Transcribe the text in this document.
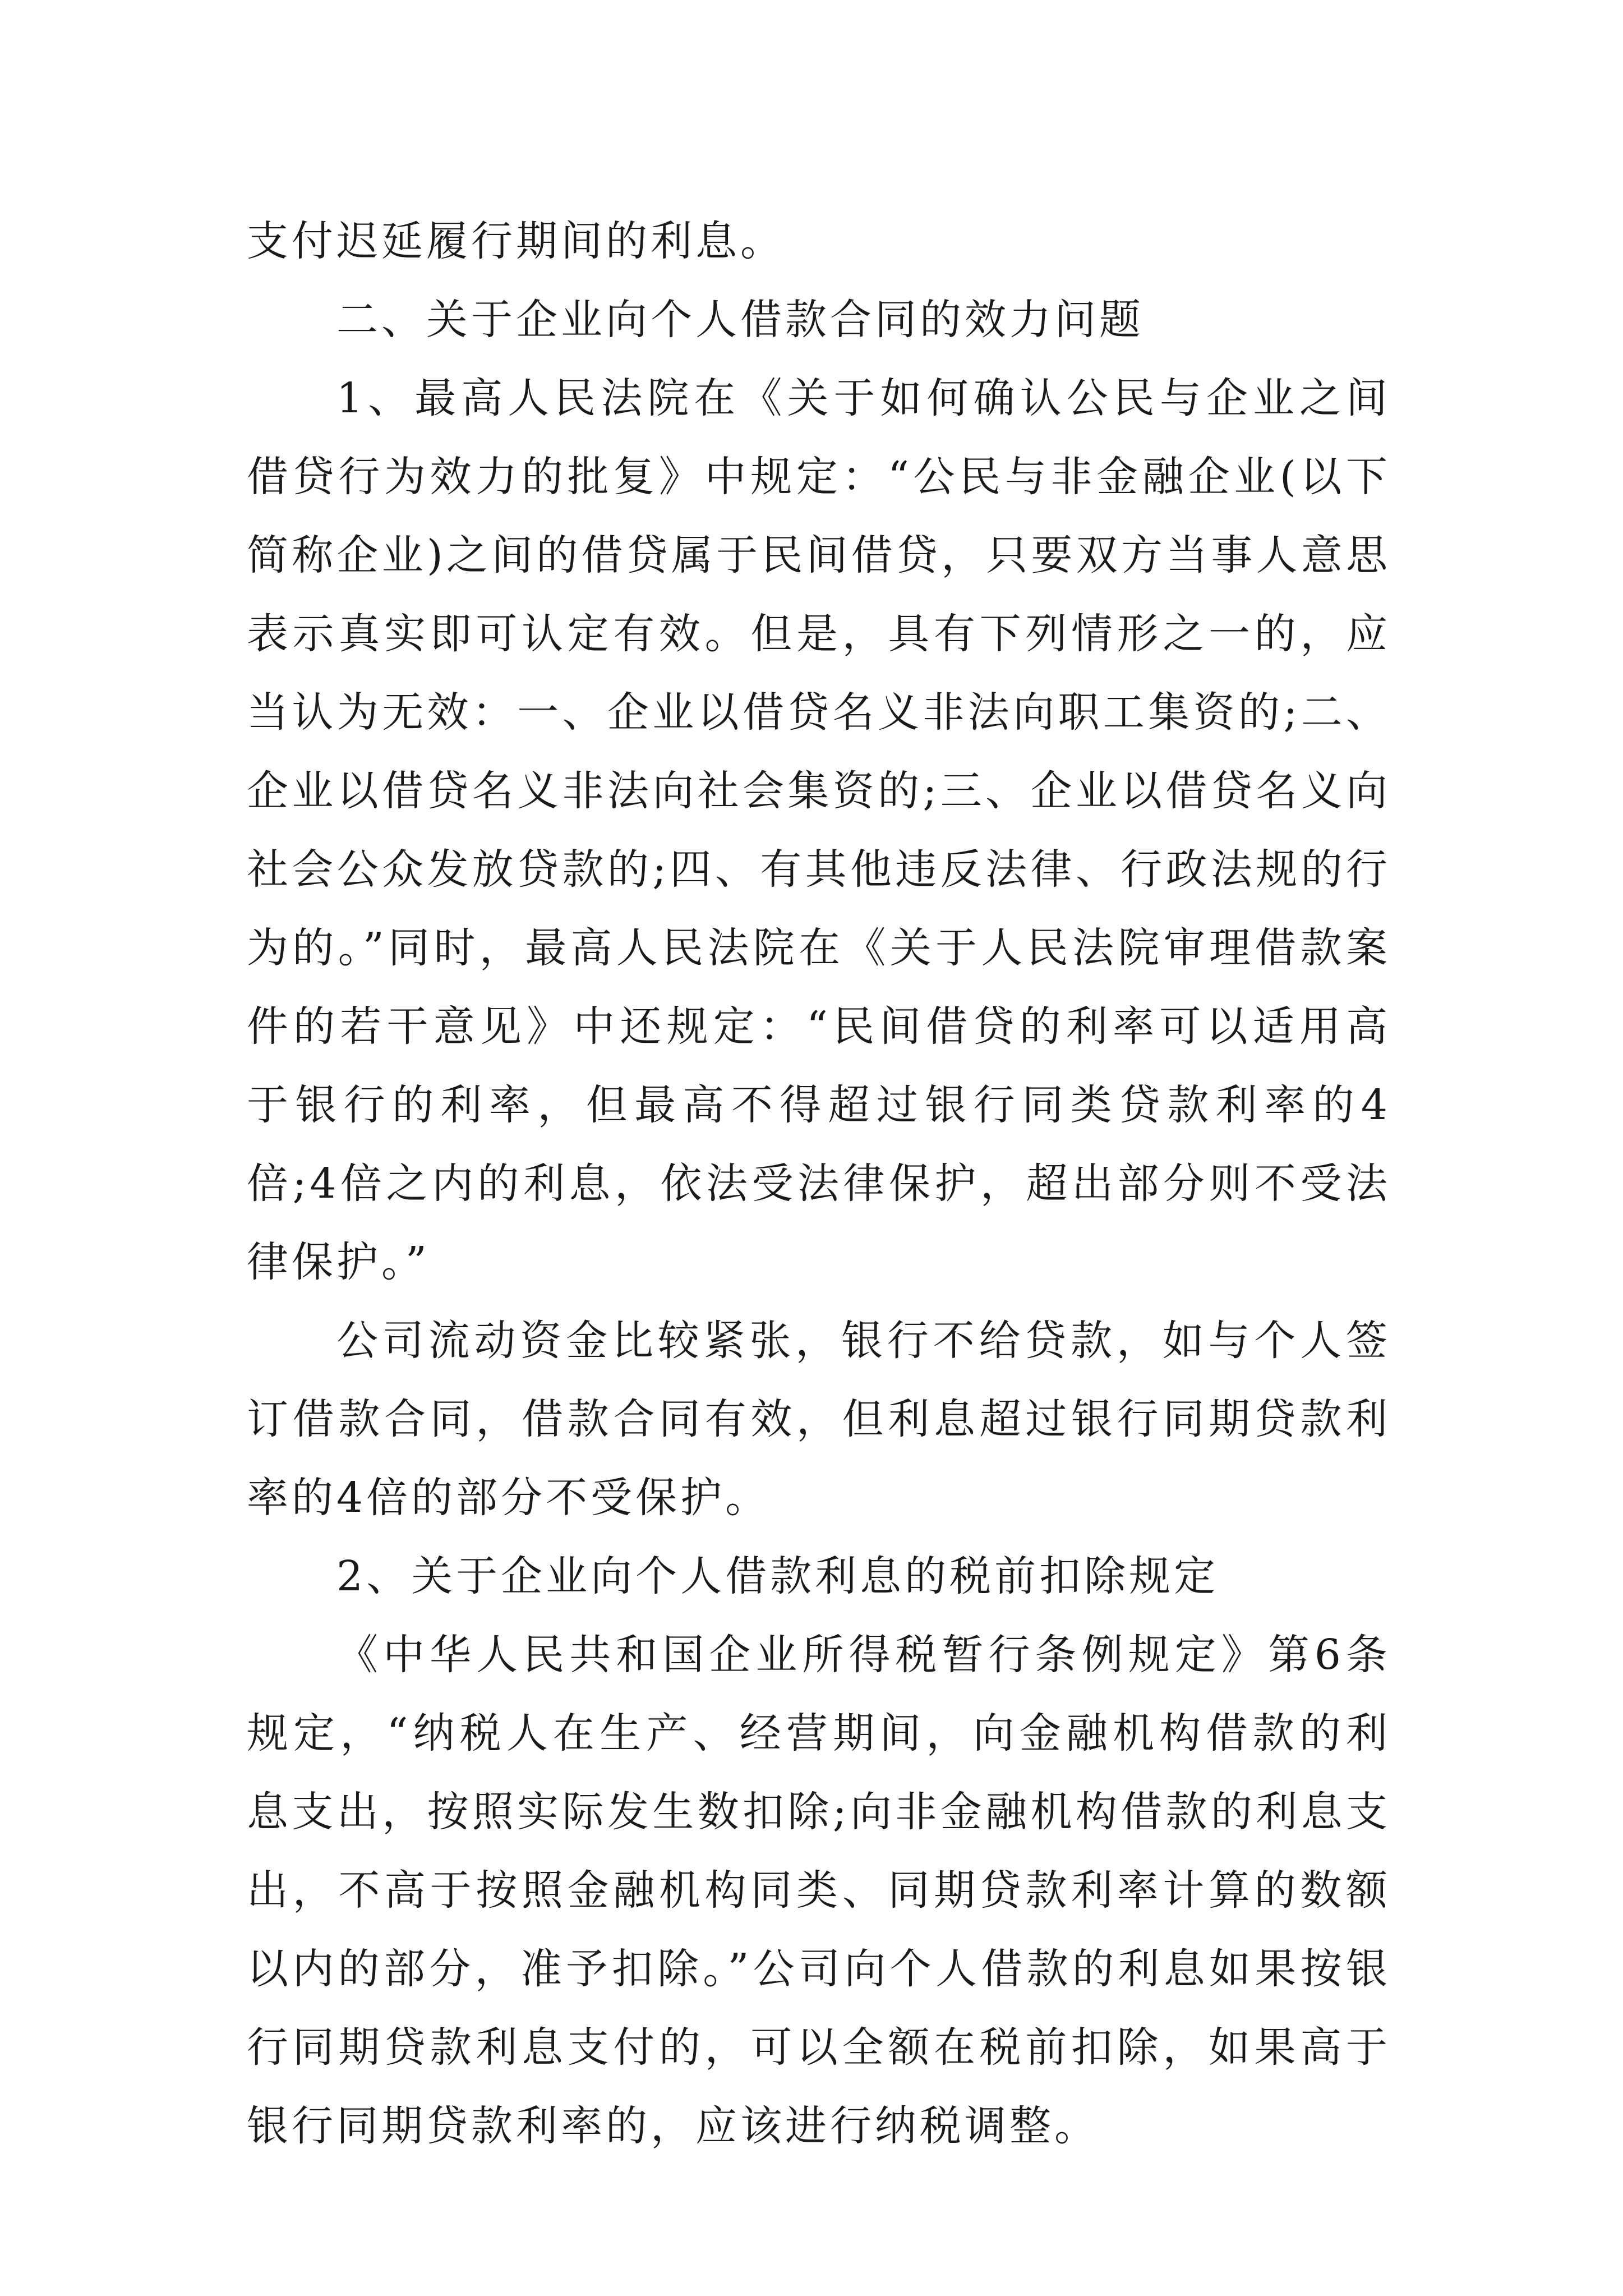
支付迟延履行期间的利息。

二、关于企业向个人借款合同的效力问题

1、最高人民法院在《关于如何确认公民与企业之间借贷行为效力的批复》中规定：“公民与非金融企业(以下简称企业)之间的借贷属于民间借贷，只要双方当事人意思表示真实即可认定有效。但是，具有下列情形之一的，应当认为无效：一、企业以借贷名义非法向职工集资的;二、企业以借贷名义非法向社会集资的;三、企业以借贷名义向社会公众发放贷款的;四、有其他违反法律、行政法规的行为的。”同时，最高人民法院在《关于人民法院审理借款案件的若干意见》中还规定：“民间借贷的利率可以适用高于银行的利率，但最高不得超过银行同类贷款利率的4倍;4倍之内的利息，依法受法律保护，超出部分则不受法律保护。”

公司流动资金比较紧张，银行不给贷款，如与个人签订借款合同，借款合同有效，但利息超过银行同期贷款利率的4倍的部分不受保护。

2、关于企业向个人借款利息的税前扣除规定

《中华人民共和国企业所得税暂行条例规定》第6条规定，“纳税人在生产、经营期间，向金融机构借款的利息支出，按照实际发生数扣除;向非金融机构借款的利息支出，不高于按照金融机构同类、同期贷款利率计算的数额以内的部分，准予扣除。”公司向个人借款的利息如果按银行同期贷款利息支付的，可以全额在税前扣除，如果高于银行同期贷款利率的，应该进行纳税调整。
